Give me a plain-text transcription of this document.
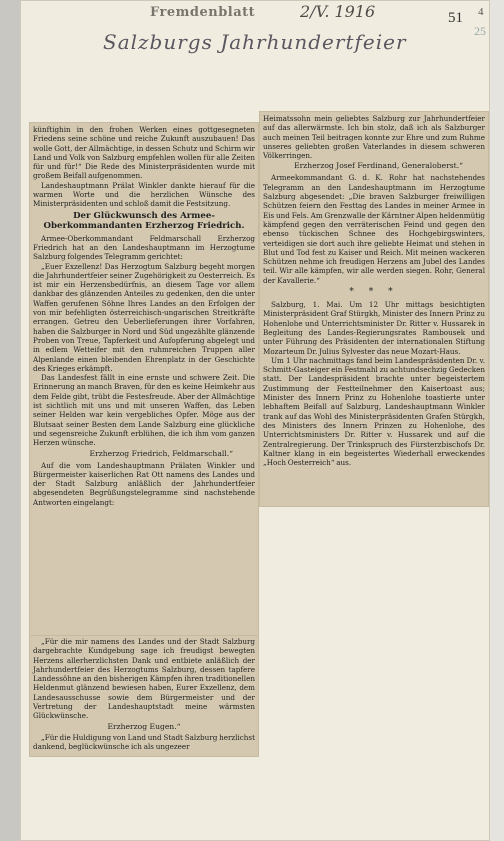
Fremdenblatt	2/V. 1916	51 4
25
Salzburgs Jahrhundertfeier

künftighin in den frohen Werken eines gottgesegneten Friedens seine schöne und reiche Zukunft auszubauen! Das wolle Gott, der Allmächtige, in dessen Schutz und Schirm wir Land und Volk von Salzburg empfehlen wollen für alle Zeiten für und für!“ Die Rede des Ministerpräsidenten wurde mit großem Beifall aufgenommen.

Landeshauptmann Prälat Winkler dankte hierauf für die warmen Worte und die herzlichen Wünsche des Ministerpräsidenten und schloß damit die Festsitzung.

Der Glückwunsch des Armee-Oberkommandanten Erzherzog Friedrich.

Armee-Oberkommandant Feldmarschall Erzherzog Friedrich hat an den Landeshauptmann im Herzogtume Salzburg folgendes Telegramm gerichtet:

„Euer Exzellenz! Das Herzogtum Salzburg begeht morgen die Jahrhundertfeier seiner Zugehörigkeit zu Oesterreich. Es ist mir ein Herzensbedürfnis, an diesem Tage vor allem dankbar des glänzenden Anteiles zu gedenken, den die unter Waffen gerufenen Söhne Ihres Landes an den Erfolgen der von mir befehligten österreichisch-ungarischen Streitkräfte errangen. Getreu den Ueberlieferungen ihrer Vorfahren, haben die Salzburger in Nord und Süd ungezählte glänzende Proben von Treue, Tapferkeit und Aufopferung abgelegt und in edlem Wetteifer mit den ruhmreichen Truppen aller Alpenlande einen bleibenden Ehrenplatz in der Geschichte des Krieges erkämpft.

Das Landesfest fällt in eine ernste und schwere Zeit. Die Erinnerung an manch Braven, für den es keine Heimkehr aus dem Felde gibt, trübt die Festesfreude. Aber der Allmächtige ist sichtlich mit uns und mit unseren Waffen, das Leben seiner Helden war kein vergebliches Opfer. Möge aus der Blutsaat seiner Besten dem Lande Salzburg eine glückliche und segensreiche Zukunft erblühen, die ich ihm vom ganzen Herzen wünsche.

Erzherzog Friedrich, Feldmarschall.“

Auf die vom Landeshauptmann Prälaten Winkler und Bürgermeister kaiserlichen Rat Ott namens des Landes und der Stadt Salzburg anläßlich der Jahrhundertfeier abgesendeten Begrüßungstelegramme sind nachstehende Antworten eingelangt:

„Für die mir namens des Landes und der Stadt Salzburg dargebrachte Kundgebung sage ich freudigst bewegten Herzens allerherzlichsten Dank und entbiete anläßlich der Jahrhundertfeier des Herzogtums Salzburg, dessen tapfere Landessöhne an den bisherigen Kämpfen ihren traditionellen Heldenmut glänzend bewiesen haben, Eurer Exzellenz, dem Landesausschusse sowie dem Bürgermeister und der Vertretung der Landeshauptstadt meine wärmsten Glückwünsche.

Erzherzog Eugen.“

„Für die Huldigung von Land und Stadt Salzburg herzlichst dankend, beglückwünsche ich als ungezeer

Heimatssohn mein geliebtes Salzburg zur Jahrhundertfeier auf das allerwärmste. Ich bin stolz, daß ich als Salzburger auch meinen Teil beitragen konnte zur Ehre und zum Ruhme unseres geliebten großen Vaterlandes in diesem schweren Völkerringen.

Erzherzog Josef Ferdinand, Generaloberst.“

Armeekommandant G. d. K. Rohr hat nachstehendes Telegramm an den Landeshauptmann im Herzogtume Salzburg abgesendet: „Die braven Salzburger freiwilligen Schützen feiern den Festtag des Landes in meiner Armee in Eis und Fels. Am Grenzwalle der Kärntner Alpen heldenmütig kämpfend gegen den verräterischen Feind und gegen den ebenso tückischen Schnee des Hochgebirgswinters, verteidigen sie dort auch ihre geliebte Heimat und stehen in Blut und Tod fest zu Kaiser und Reich. Mit meinen wackeren Schützen nehme ich freudigen Herzens am Jubel des Landes teil. Wir alle kämpfen, wir alle werden siegen. Rohr, General der Kavallerie.“

* * *

Salzburg, 1. Mai. Um 12 Uhr mittags besichtigten Ministerpräsident Graf Stürgkh, Minister des Innern Prinz zu Hohenlohe und Unterrichtsminister Dr. Ritter v. Hussarek in Begleitung des Landes-Regierungsrates Rambousek und unter Führung des Präsidenten der internationalen Stiftung Mozarteum Dr. Julius Sylvester das neue Mozart-Haus.

Um 1 Uhr nachmittags fand beim Landespräsidenten Dr. v. Schmitt-Gasteiger ein Festmahl zu achtundsechzig Gedecken statt. Der Landespräsident brachte unter begeistertem Zustimmung der Festteilnehmer den Kaisertoast aus; Minister des Innern Prinz zu Hohenlohe toastierte unter lebhaftem Beifall auf Salzburg, Landeshauptmann Winkler trank auf das Wohl des Ministerpräsidenten Grafen Stürgkh, des Ministers des Innern Prinzen zu Hohenlohe, des Unterrichtsministers Dr. Ritter v. Hussarek und auf die Zentralregierung. Der Trinkspruch des Fürsterzbischofs Dr. Kaltner klang in ein begeistertes Wiederhall erweckendes „Hoch Oesterreich“ aus.
